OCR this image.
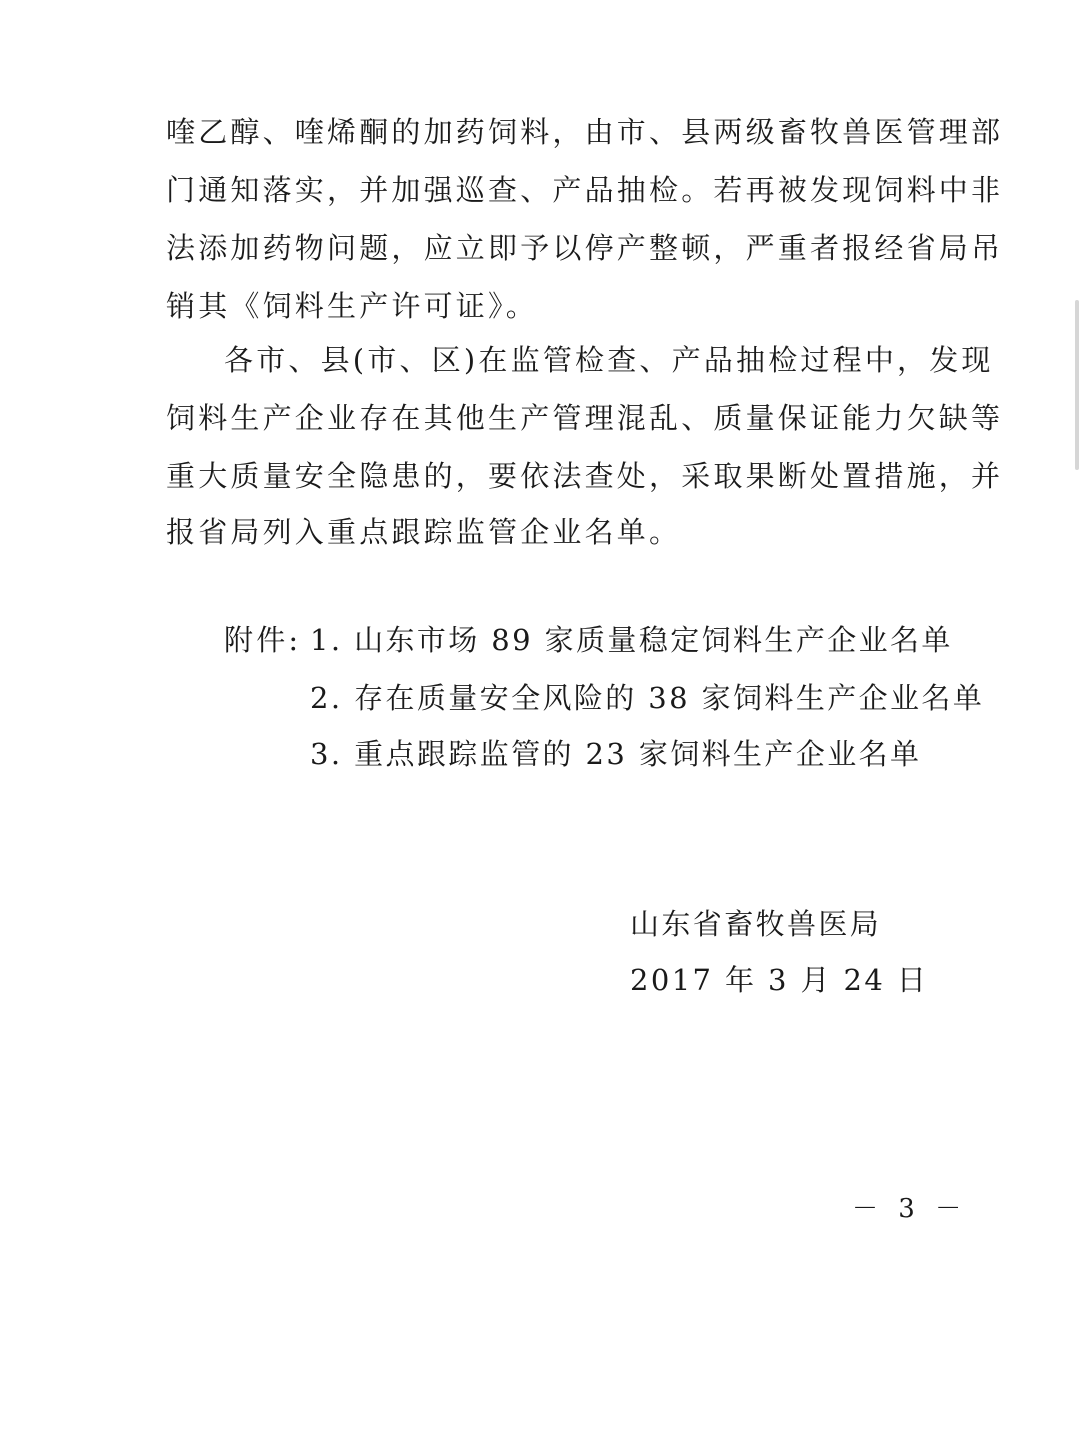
喹乙醇、喹烯酮的加药饲料，由市、县两级畜牧兽医管理部
门通知落实，并加强巡查、产品抽检。若再被发现饲料中非
法添加药物问题，应立即予以停产整顿，严重者报经省局吊
销其《饲料生产许可证》。
各市、县(市、区)在监管检查、产品抽检过程中，发现
饲料生产企业存在其他生产管理混乱、质量保证能力欠缺等
重大质量安全隐患的，要依法查处，采取果断处置措施，并
报省局列入重点跟踪监管企业名单。
附件: 1. 山东市场 89 家质量稳定饲料生产企业名单
2. 存在质量安全风险的 38 家饲料生产企业名单
3. 重点跟踪监管的 23 家饲料生产企业名单
山东省畜牧兽医局
2017 年 3 月 24 日
－ 3 －
